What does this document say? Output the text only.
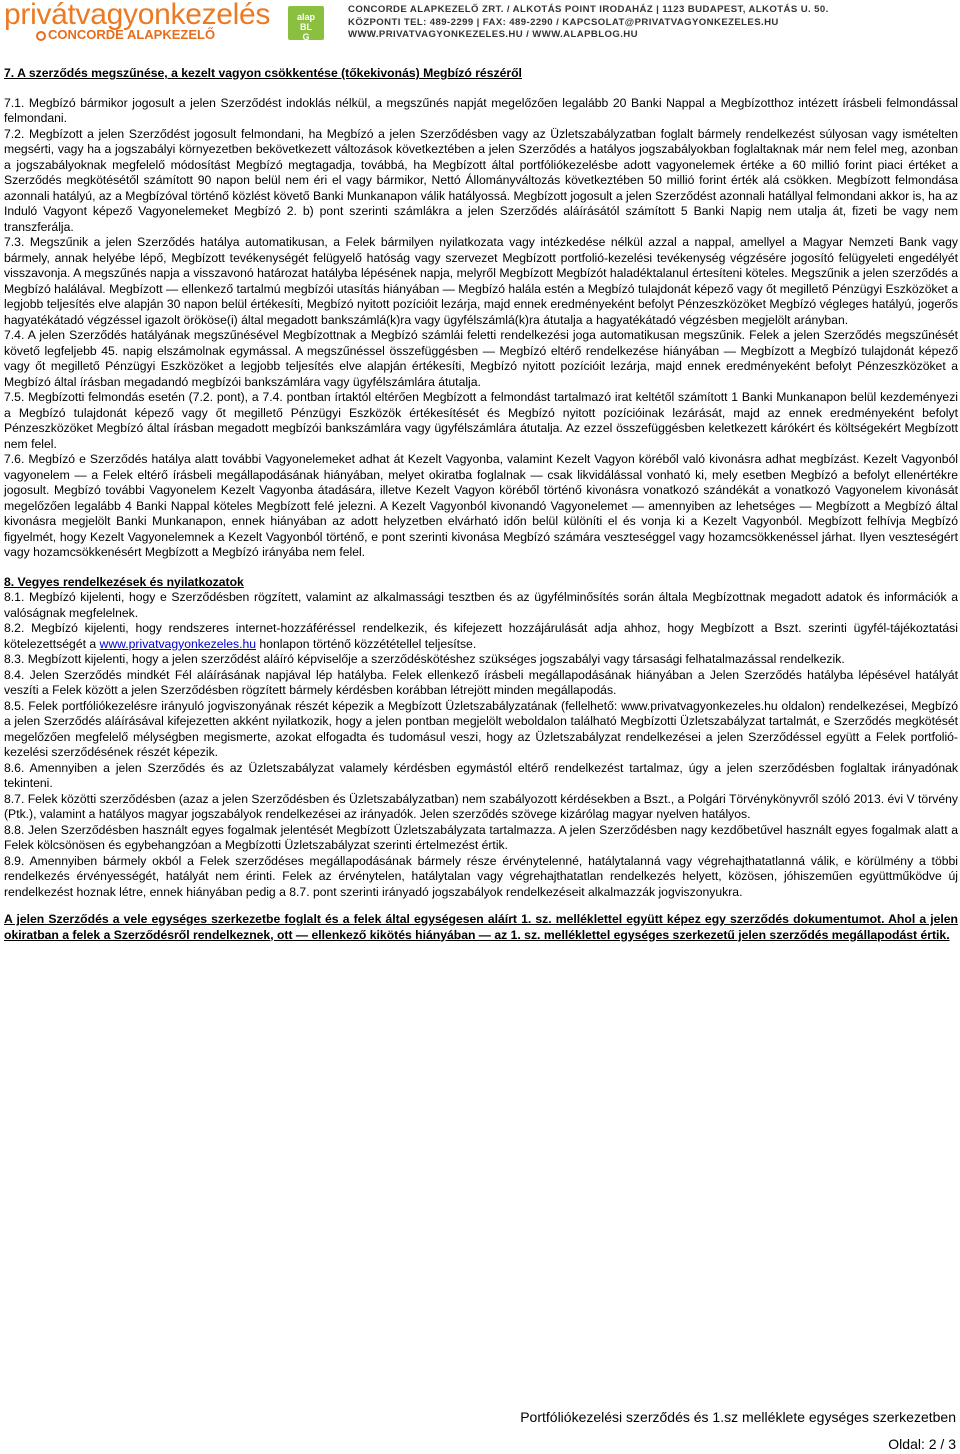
privátvagyonkezelés
CONCORDE ALAPKEZELŐ
alap
BL
G
CONCORDE ALAPKEZELŐ ZRT. / ALKOTÁS POINT IRODAHÁZ | 1123 BUDAPEST, ALKOTÁS U. 50.
KÖZPONTI TEL: 489-2299 | FAX: 489-2290 / KAPCSOLAT@PRIVATVAGYONKEZELES.HU
WWW.PRIVATVAGYONKEZELES.HU / WWW.ALAPBLOG.HU

7. A szerződés megszűnése, a kezelt vagyon csökkentése (tőkekivonás) Megbízó részéről

7.1. Megbízó bármikor jogosult a jelen Szerződést indoklás nélkül, a megszűnés napját megelőzően legalább 20 Banki Nappal a Megbízotthoz intézett írásbeli felmondással felmondani.

7.2. Megbízott a jelen Szerződést jogosult felmondani, ha Megbízó a jelen Szerződésben vagy az Üzletszabályzatban foglalt bármely rendelkezést súlyosan vagy ismételten megsérti, vagy ha a jogszabályi környezetben bekövetkezett változások következtében a jelen Szerződés a hatályos jogszabályokban foglaltaknak már nem felel meg, azonban a jogszabályoknak megfelelő módosítást Megbízó megtagadja, továbbá, ha Megbízott által portfóliókezelésbe adott vagyonelemek értéke a 60 millió forint piaci értéket a Szerződés megkötésétől számított 90 napon belül nem éri el vagy bármikor, Nettó Állományváltozás következtében 50 millió forint érték alá csökken. Megbízott felmondása azonnali hatályú, az a Megbízóval történő közlést követő Banki Munkanapon válik hatályossá. Megbízott jogosult a jelen Szerződést azonnali hatállyal felmondani akkor is, ha az Induló Vagyont képező Vagyonelemeket Megbízó 2. b) pont szerinti számlákra a jelen Szerződés aláírásától számított 5 Banki Napig nem utalja át, fizeti be vagy nem transzferálja.

7.3. Megszűnik a jelen Szerződés hatálya automatikusan, a Felek bármilyen nyilatkozata vagy intézkedése nélkül azzal a nappal, amellyel a Magyar Nemzeti Bank vagy bármely, annak helyébe lépő, Megbízott tevékenységét felügyelő hatóság vagy szervezet Megbízott portfolió-kezelési tevékenység végzésére jogosító felügyeleti engedélyét visszavonja. A megszűnés napja a visszavonó határozat hatályba lépésének napja, melyről Megbízott Megbízót haladéktalanul értesíteni köteles. Megszűnik a jelen szerződés a Megbízó halálával. Megbízott — ellenkező tartalmú megbízói utasítás hiányában — Megbízó halála estén a Megbízó tulajdonát képező vagy őt megillető Pénzügyi Eszközöket a legjobb teljesítés elve alapján 30 napon belül értékesíti, Megbízó nyitott pozícióit lezárja, majd ennek eredményeként befolyt Pénzeszközöket Megbízó végleges hatályú, jogerős hagyatékátadó végzéssel igazolt örököse(i) által megadott bankszámlá(k)ra vagy ügyfélszámlá(k)ra átutalja a hagyatékátadó végzésben megjelölt arányban.

7.4. A jelen Szerződés hatályának megszűnésével Megbízottnak a Megbízó számlái feletti rendelkezési joga automatikusan megszűnik. Felek a jelen Szerződés megszűnését követő legfeljebb 45. napig elszámolnak egymással. A megszűnéssel összefüggésben — Megbízó eltérő rendelkezése hiányában — Megbízott a Megbízó tulajdonát képező vagy őt megillető Pénzügyi Eszközöket a legjobb teljesítés elve alapján értékesíti, Megbízó nyitott pozícióit lezárja, majd ennek eredményeként befolyt Pénzeszközöket a Megbízó által írásban megadandó megbízói bankszámlára vagy ügyfélszámlára átutalja.

7.5. Megbízotti felmondás esetén (7.2. pont), a 7.4. pontban írtaktól eltérően Megbízott a felmondást tartalmazó irat keltétől számított 1 Banki Munkanapon belül kezdeményezi a Megbízó tulajdonát képező vagy őt megillető Pénzügyi Eszközök értékesítését és Megbízó nyitott pozícióinak lezárását, majd az ennek eredményeként befolyt Pénzeszközöket Megbízó által írásban megadott megbízói bankszámlára vagy ügyfélszámlára átutalja. Az ezzel összefüggésben keletkezett kárókért és költségekért Megbízott nem felel.

7.6. Megbízó e Szerződés hatálya alatt további Vagyonelemeket adhat át Kezelt Vagyonba, valamint Kezelt Vagyon köréből való kivonásra adhat megbízást. Kezelt Vagyonból vagyonelem — a Felek eltérő írásbeli megállapodásának hiányában, melyet okiratba foglalnak — csak likvidálással vonható ki, mely esetben Megbízó a befolyt ellenértékre jogosult. Megbízó további Vagyonelem Kezelt Vagyonba átadására, illetve Kezelt Vagyon köréből történő kivonásra vonatkozó szándékát a vonatkozó Vagyonelem kivonását megelőzően legalább 4 Banki Nappal köteles Megbízott felé jelezni. A Kezelt Vagyonból kivonandó Vagyonelemet — amennyiben az lehetséges — Megbízott a Megbízó által kivonásra megjelölt Banki Munkanapon, ennek hiányában az adott helyzetben elvárható időn belül különíti el és vonja ki a Kezelt Vagyonból. Megbízott felhívja Megbízó figyelmét, hogy Kezelt Vagyonelemnek a Kezelt Vagyonból történő, e pont szerinti kivonása Megbízó számára veszteséggel vagy hozamcsökkenéssel járhat. Ilyen veszteségért vagy hozamcsökkenésért Megbízott a Megbízó irányába nem felel.

8. Vegyes rendelkezések és nyilatkozatok

8.1. Megbízó kijelenti, hogy e Szerződésben rögzített, valamint az alkalmassági tesztben és az ügyfélminősítés során általa Megbízottnak megadott adatok és információk a valóságnak megfelelnek.

8.2. Megbízó kijelenti, hogy rendszeres internet-hozzáféréssel rendelkezik, és kifejezett hozzájárulását adja ahhoz, hogy Megbízott a Bszt. szerinti ügyfél-tájékoztatási kötelezettségét a www.privatvagyonkezeles.hu honlapon történő közzététellel teljesítse.

8.3. Megbízott kijelenti, hogy a jelen szerződést aláíró képviselője a szerződéskötéshez szükséges jogszabályi vagy társasági felhatalmazással rendelkezik.

8.4. Jelen Szerződés mindkét Fél aláírásának napjával lép hatályba. Felek ellenkező írásbeli megállapodásának hiányában a Jelen Szerződés hatályba lépésével hatályát veszíti a Felek között a jelen Szerződésben rögzített bármely kérdésben korábban létrejött minden megállapodás.

8.5. Felek portfóliókezelésre irányuló jogviszonyának részét képezik a Megbízott Üzletszabályzatának (fellelhető: www.privatvagyonkezeles.hu oldalon) rendelkezései, Megbízó a jelen Szerződés aláírásával kifejezetten akként nyilatkozik, hogy a jelen pontban megjelölt weboldalon található Megbízotti Üzletszabályzat tartalmát, e Szerződés megkötését megelőzően megfelelő mélységben megismerte, azokat elfogadta és tudomásul veszi, hogy az Üzletszabályzat rendelkezései a jelen Szerződéssel együtt a Felek portfolió-kezelési szerződésének részét képezik.

8.6. Amennyiben a jelen Szerződés és az Üzletszabályzat valamely kérdésben egymástól eltérő rendelkezést tartalmaz, úgy a jelen szerződésben foglaltak irányadónak tekinteni.

8.7. Felek közötti szerződésben (azaz a jelen Szerződésben és Üzletszabályzatban) nem szabályozott kérdésekben a Bszt., a Polgári Törvénykönyvről szóló 2013. évi V törvény (Ptk.), valamint a hatályos magyar jogszabályok rendelkezései az irányadók. Jelen szerződés szövege kizárólag magyar nyelven hatályos.

8.8. Jelen Szerződésben használt egyes fogalmak jelentését Megbízott Üzletszabályzata tartalmazza. A jelen Szerződésben nagy kezdőbetűvel használt egyes fogalmak alatt a Felek kölcsönösen és egybehangzóan a Megbízotti Üzletszabályzat szerinti értelmezést értik.

8.9. Amennyiben bármely okból a Felek szerződéses megállapodásának bármely része érvénytelenné, hatálytalanná vagy végrehajthatatlanná válik, e körülmény a többi rendelkezés érvényességét, hatályát nem érinti. Felek az érvénytelen, hatálytalan vagy végrehajthatatlan rendelkezés helyett, közösen, jóhiszeműen együttműködve új rendelkezést hoznak létre, ennek hiányában pedig a 8.7. pont szerinti irányadó jogszabályok rendelkezéseit alkalmazzák jogviszonyukra.

A jelen Szerződés a vele egységes szerkezetbe foglalt és a felek által egységesen aláírt 1. sz. melléklettel együtt képez egy szerződés dokumentumot. Ahol a jelen okiratban a felek a Szerződésről rendelkeznek, ott — ellenkező kikötés hiányában — az 1. sz. melléklettel egységes szerkezetű jelen szerződés megállapodást értik.

Portfóliókezelési szerződés és 1.sz melléklete egységes szerkezetben
Oldal: 2 / 3
